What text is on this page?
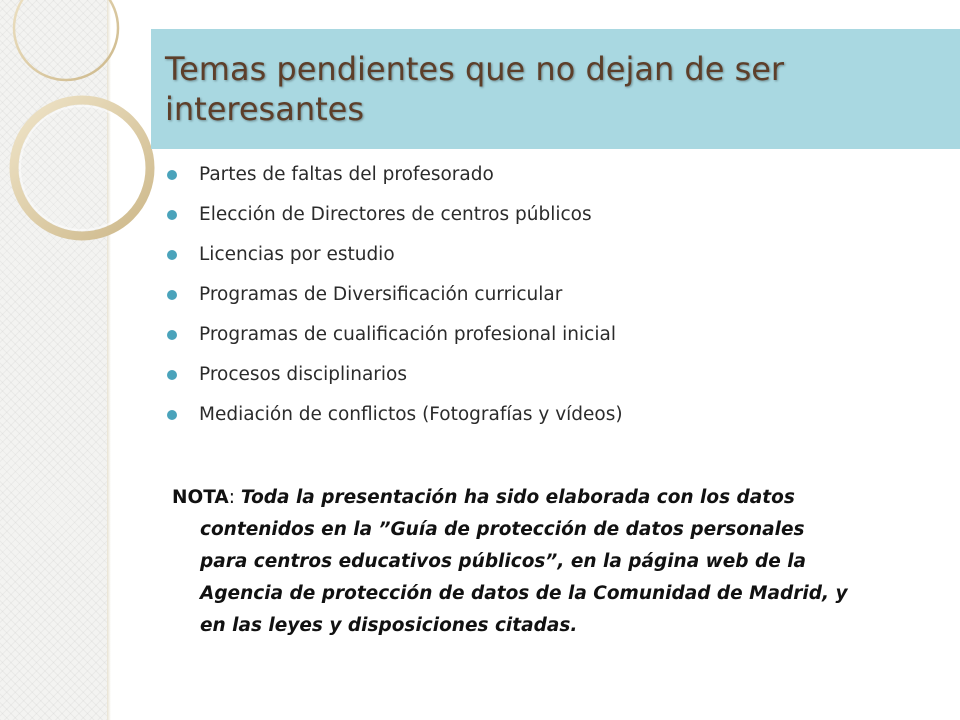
Temas pendientes que no dejan de ser interesantes
Partes de faltas del profesorado
Elección de Directores de centros públicos
Licencias por estudio
Programas de Diversificación curricular
Programas de cualificación profesional inicial
Procesos disciplinarios
Mediación de conflictos (Fotografías y vídeos)
NOTA: Toda la presentación ha sido elaborada con los datos
contenidos en la ”Guía de protección de datos personales
para centros educativos públicos”, en la página web de la
Agencia de protección de datos de la Comunidad de Madrid, y
en las leyes y disposiciones citadas.
